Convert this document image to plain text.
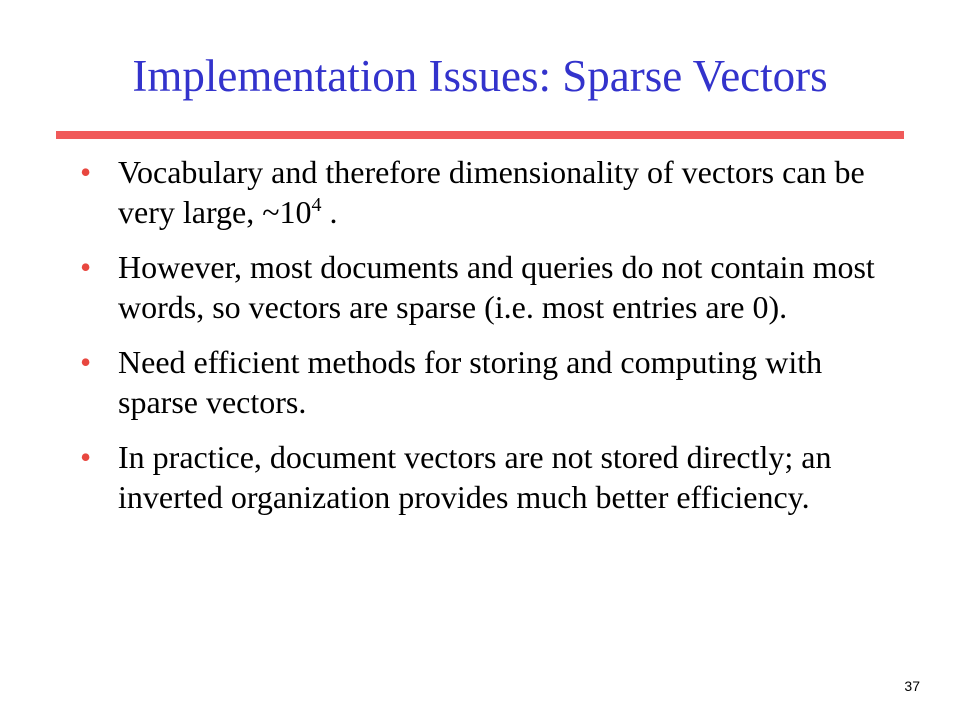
Implementation Issues: Sparse Vectors
• Vocabulary and therefore dimensionality of vectors can be very large, $\sim 10^4$ .
• However, most documents and queries do not contain most words, so vectors are sparse (i.e. most entries are 0).
• Need efficient methods for storing and computing with sparse vectors.
• In practice, document vectors are not stored directly; an inverted organization provides much better efficiency.
37
